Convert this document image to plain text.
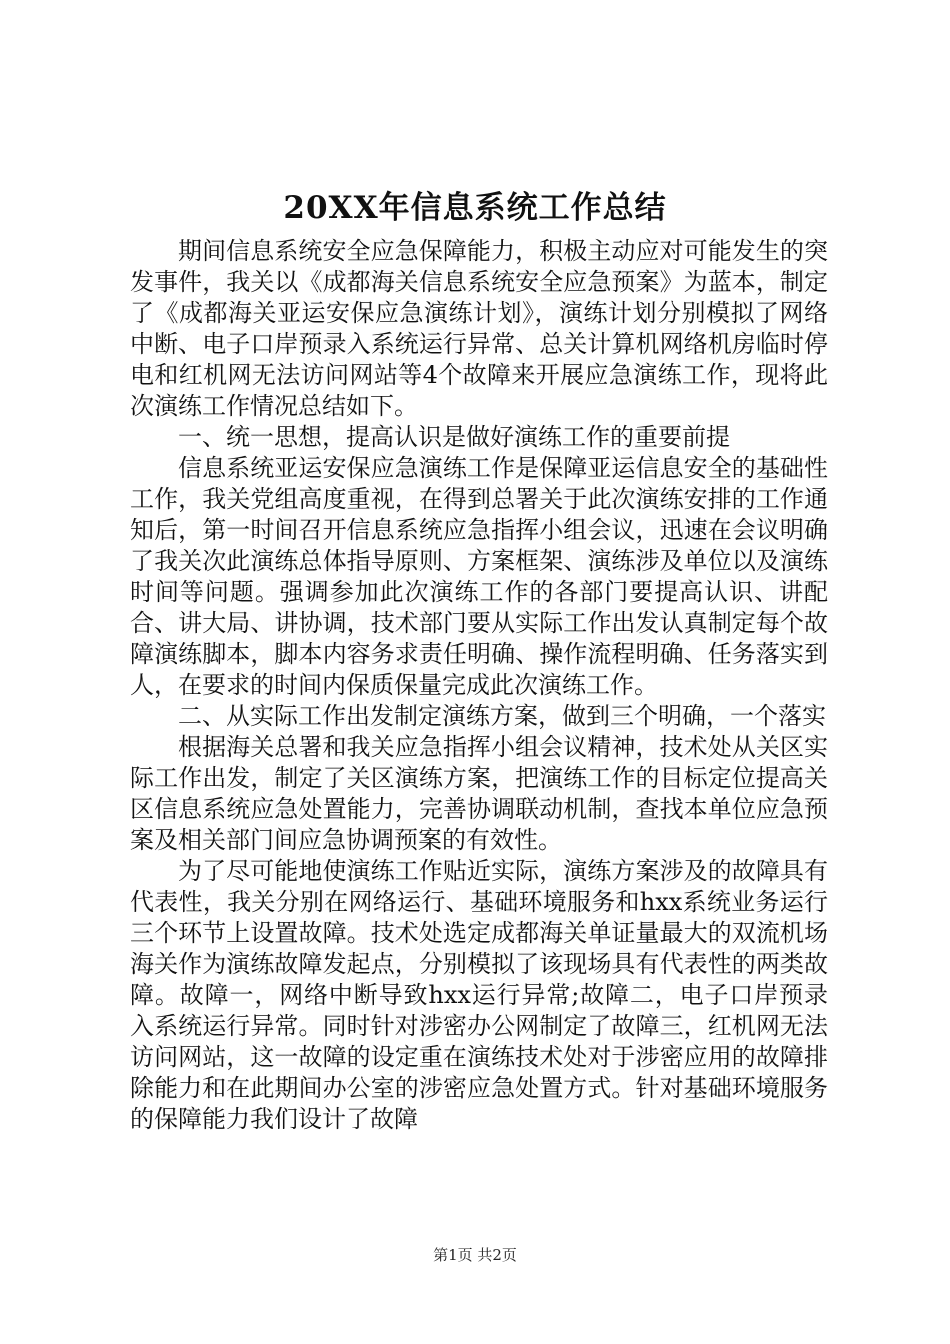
20XX年信息系统工作总结

期间信息系统安全应急保障能力，积极主动应对可能发生的突发事件，我关以《成都海关信息系统安全应急预案》为蓝本，制定了《成都海关亚运安保应急演练计划》，演练计划分别模拟了网络中断、电子口岸预录入系统运行异常、总关计算机网络机房临时停电和红机网无法访问网站等4个故障来开展应急演练工作，现将此次演练工作情况总结如下。

一、统一思想，提高认识是做好演练工作的重要前提

信息系统亚运安保应急演练工作是保障亚运信息安全的基础性工作，我关党组高度重视，在得到总署关于此次演练安排的工作通知后，第一时间召开信息系统应急指挥小组会议，迅速在会议明确了我关次此演练总体指导原则、方案框架、演练涉及单位以及演练时间等问题。强调参加此次演练工作的各部门要提高认识、讲配合、讲大局、讲协调，技术部门要从实际工作出发认真制定每个故障演练脚本，脚本内容务求责任明确、操作流程明确、任务落实到人，在要求的时间内保质保量完成此次演练工作。

二、从实际工作出发制定演练方案，做到三个明确，一个落实

根据海关总署和我关应急指挥小组会议精神，技术处从关区实际工作出发，制定了关区演练方案，把演练工作的目标定位提高关区信息系统应急处置能力，完善协调联动机制，查找本单位应急预案及相关部门间应急协调预案的有效性。

为了尽可能地使演练工作贴近实际，演练方案涉及的故障具有代表性，我关分别在网络运行、基础环境服务和hxx系统业务运行三个环节上设置故障。技术处选定成都海关单证量最大的双流机场海关作为演练故障发起点，分别模拟了该现场具有代表性的两类故障。故障一，网络中断导致hxx运行异常;故障二，电子口岸预录入系统运行异常。同时针对涉密办公网制定了故障三，红机网无法访问网站，这一故障的设定重在演练技术处对于涉密应用的故障排除能力和在此期间办公室的涉密应急处置方式。针对基础环境服务的保障能力我们设计了故障

第1页 共2页
